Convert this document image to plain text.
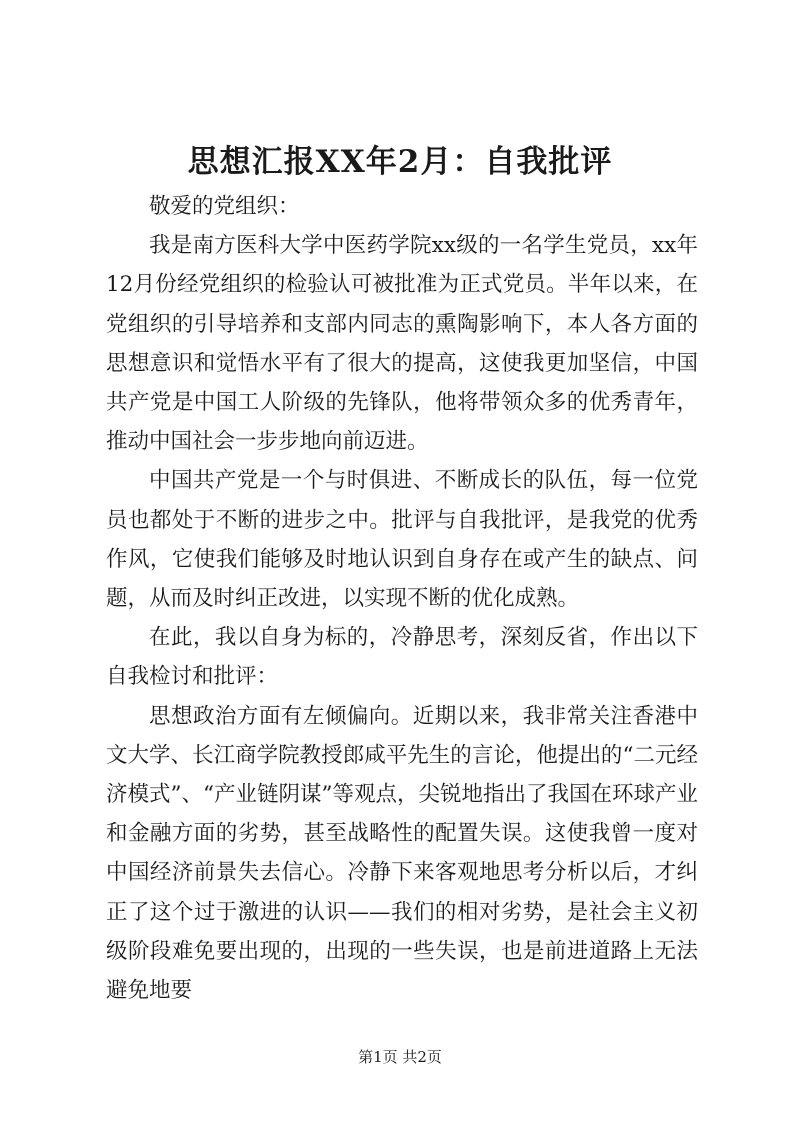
思想汇报XX年2月：自我批评

敬爱的党组织：

我是南方医科大学中医药学院xx级的一名学生党员，xx年12月份经党组织的检验认可被批准为正式党员。半年以来，在党组织的引导培养和支部内同志的熏陶影响下，本人各方面的思想意识和觉悟水平有了很大的提高，这使我更加坚信，中国共产党是中国工人阶级的先锋队，他将带领众多的优秀青年，推动中国社会一步步地向前迈进。

中国共产党是一个与时俱进、不断成长的队伍，每一位党员也都处于不断的进步之中。批评与自我批评，是我党的优秀作风，它使我们能够及时地认识到自身存在或产生的缺点、问题，从而及时纠正改进，以实现不断的优化成熟。

在此，我以自身为标的，冷静思考，深刻反省，作出以下自我检讨和批评：

思想政治方面有左倾偏向。近期以来，我非常关注香港中文大学、长江商学院教授郎咸平先生的言论，他提出的“二元经济模式”、“产业链阴谋”等观点，尖锐地指出了我国在环球产业和金融方面的劣势，甚至战略性的配置失误。这使我曾一度对中国经济前景失去信心。冷静下来客观地思考分析以后，才纠正了这个过于激进的认识——我们的相对劣势，是社会主义初级阶段难免要出现的，出现的一些失误，也是前进道路上无法避免地要

第1页 共2页
